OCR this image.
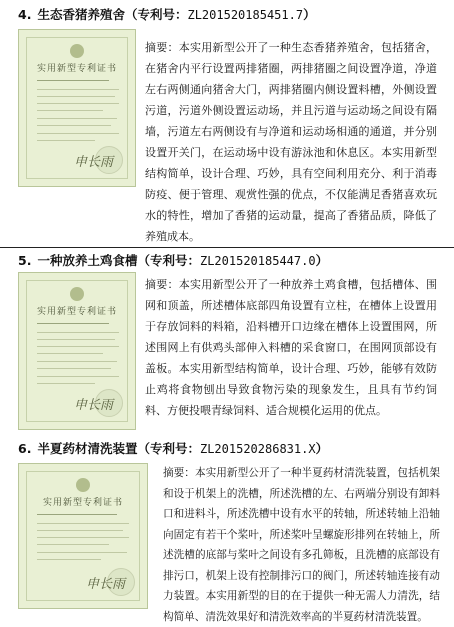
4. 生态香猪养殖舍（专利号：ZL201520185451.7）
实用新型专利证书
申长雨
摘要：本实用新型公开了一种生态香猪养殖舍，包括猪舍，在猪舍内平行设置两排猪圈，两排猪圈之间设置净道，净道左右两侧通向猪舍大门，两排猪圈内侧设置料槽，外侧设置污道，污道外侧设置运动场，并且污道与运动场之间设有隔墙，污道左右两侧设有与净道和运动场相通的通道，并分别设置开关门，在运动场中设有游泳池和休息区。本实用新型结构简单，设计合理、巧妙，具有空间利用充分、利于消毒防疫、便于管理、观赏性强的优点，不仅能满足香猪喜欢玩水的特性，增加了香猪的运动量，提高了香猪品质，降低了养殖成本。
5. 一种放养土鸡食槽（专利号：ZL201520185447.0）
实用新型专利证书
申长雨
摘要：本实用新型公开了一种放养土鸡食槽，包括槽体、围网和顶盖，所述槽体底部四角设置有立柱，在槽体上设置用于存放饲料的料箱，沿料槽开口边缘在槽体上设置围网，所述围网上有供鸡头部伸入料槽的采食窗口，在围网顶部设有盖板。本实用新型结构简单，设计合理、巧妙，能够有效防止鸡将食物刨出导致食物污染的现象发生，且具有节约饲料、方便投喂青绿饲料、适合规模化运用的优点。
6. 半夏药材清洗装置（专利号：ZL201520286831.X）
实用新型专利证书
申长雨
摘要：本实用新型公开了一种半夏药材清洗装置，包括机架和设于机架上的洗槽，所述洗槽的左、右两端分别设有卸料口和进料斗，所述洗槽中设有水平的转轴，所述转轴上沿轴向固定有若干个桨叶，所述桨叶呈螺旋形排列在转轴上，所述洗槽的底部与桨叶之间设有多孔筛板，且洗槽的底部设有排污口，机架上设有控制排污口的阀门，所述转轴连接有动力装置。本实用新型的目的在于提供一种无需人力清洗，结构简单、清洗效果好和清洗效率高的半夏药材清洗装置。
